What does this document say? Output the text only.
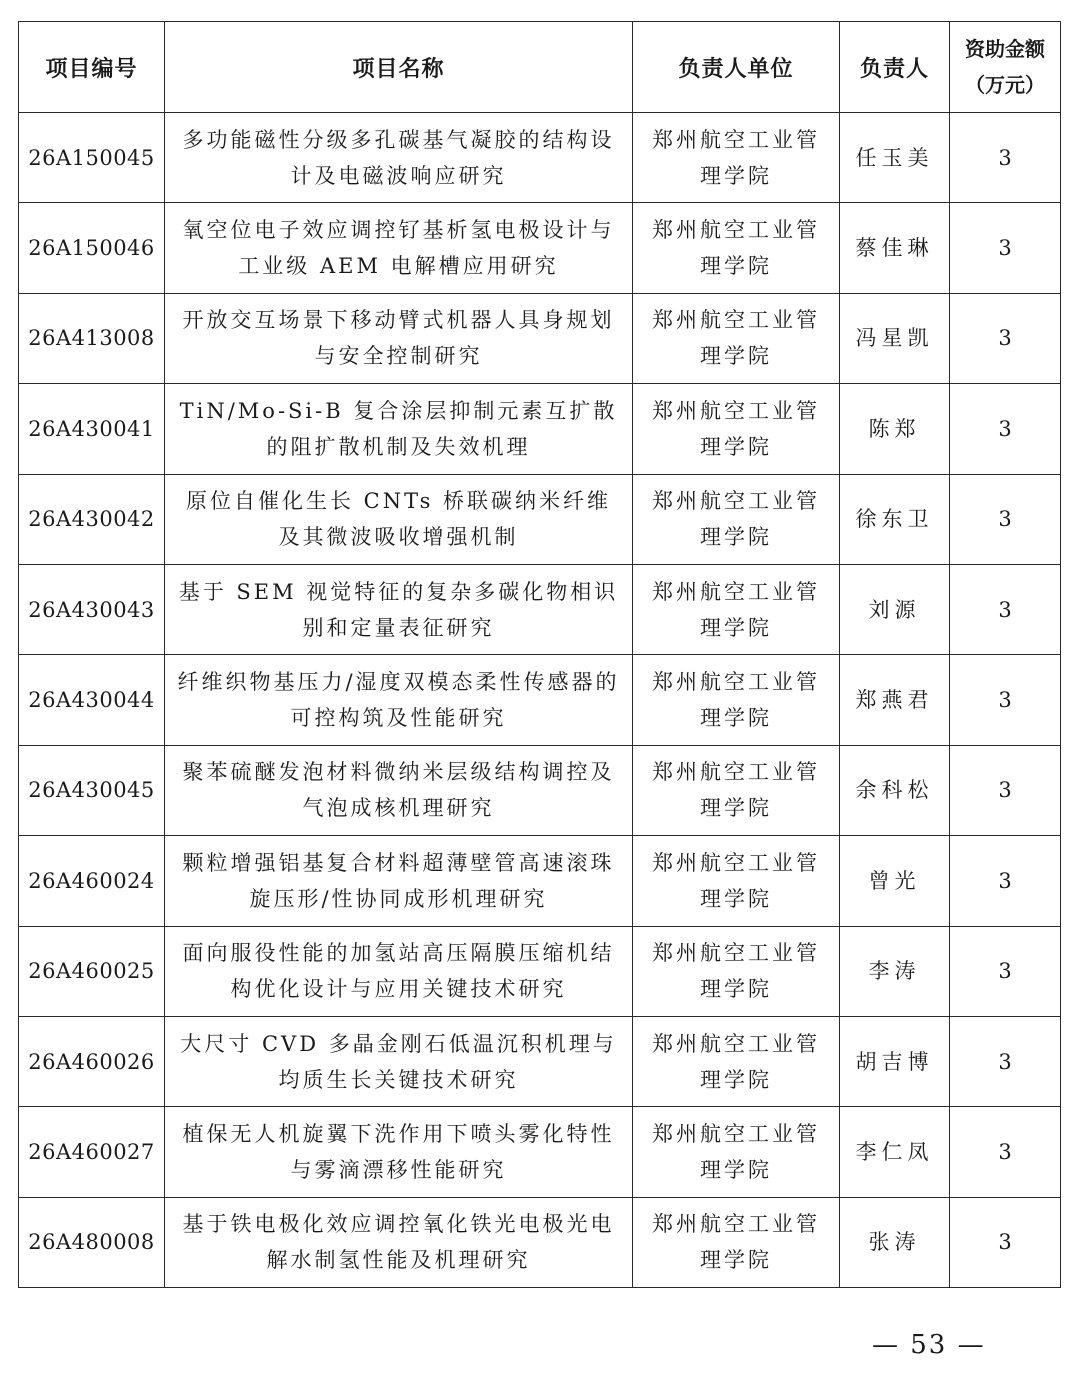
项目编号	项目名称	负责人单位	负责人	资助金额（万元）
26A150045	多功能磁性分级多孔碳基气凝胶的结构设计及电磁波响应研究	郑州航空工业管理学院	任玉美	3
26A150046	氧空位电子效应调控钌基析氢电极设计与工业级 AEM 电解槽应用研究	郑州航空工业管理学院	蔡佳琳	3
26A413008	开放交互场景下移动臂式机器人具身规划与安全控制研究	郑州航空工业管理学院	冯星凯	3
26A430041	TiN/Mo-Si-B 复合涂层抑制元素互扩散的阻扩散机制及失效机理	郑州航空工业管理学院	陈郑	3
26A430042	原位自催化生长 CNTs 桥联碳纳米纤维及其微波吸收增强机制	郑州航空工业管理学院	徐东卫	3
26A430043	基于 SEM 视觉特征的复杂多碳化物相识别和定量表征研究	郑州航空工业管理学院	刘源	3
26A430044	纤维织物基压力/湿度双模态柔性传感器的可控构筑及性能研究	郑州航空工业管理学院	郑燕君	3
26A430045	聚苯硫醚发泡材料微纳米层级结构调控及气泡成核机理研究	郑州航空工业管理学院	余科松	3
26A460024	颗粒增强铝基复合材料超薄壁管高速滚珠旋压形/性协同成形机理研究	郑州航空工业管理学院	曾光	3
26A460025	面向服役性能的加氢站高压隔膜压缩机结构优化设计与应用关键技术研究	郑州航空工业管理学院	李涛	3
26A460026	大尺寸 CVD 多晶金刚石低温沉积机理与均质生长关键技术研究	郑州航空工业管理学院	胡吉博	3
26A460027	植保无人机旋翼下洗作用下喷头雾化特性与雾滴漂移性能研究	郑州航空工业管理学院	李仁凤	3
26A480008	基于铁电极化效应调控氧化铁光电极光电解水制氢性能及机理研究	郑州航空工业管理学院	张涛	3
— 53 —
